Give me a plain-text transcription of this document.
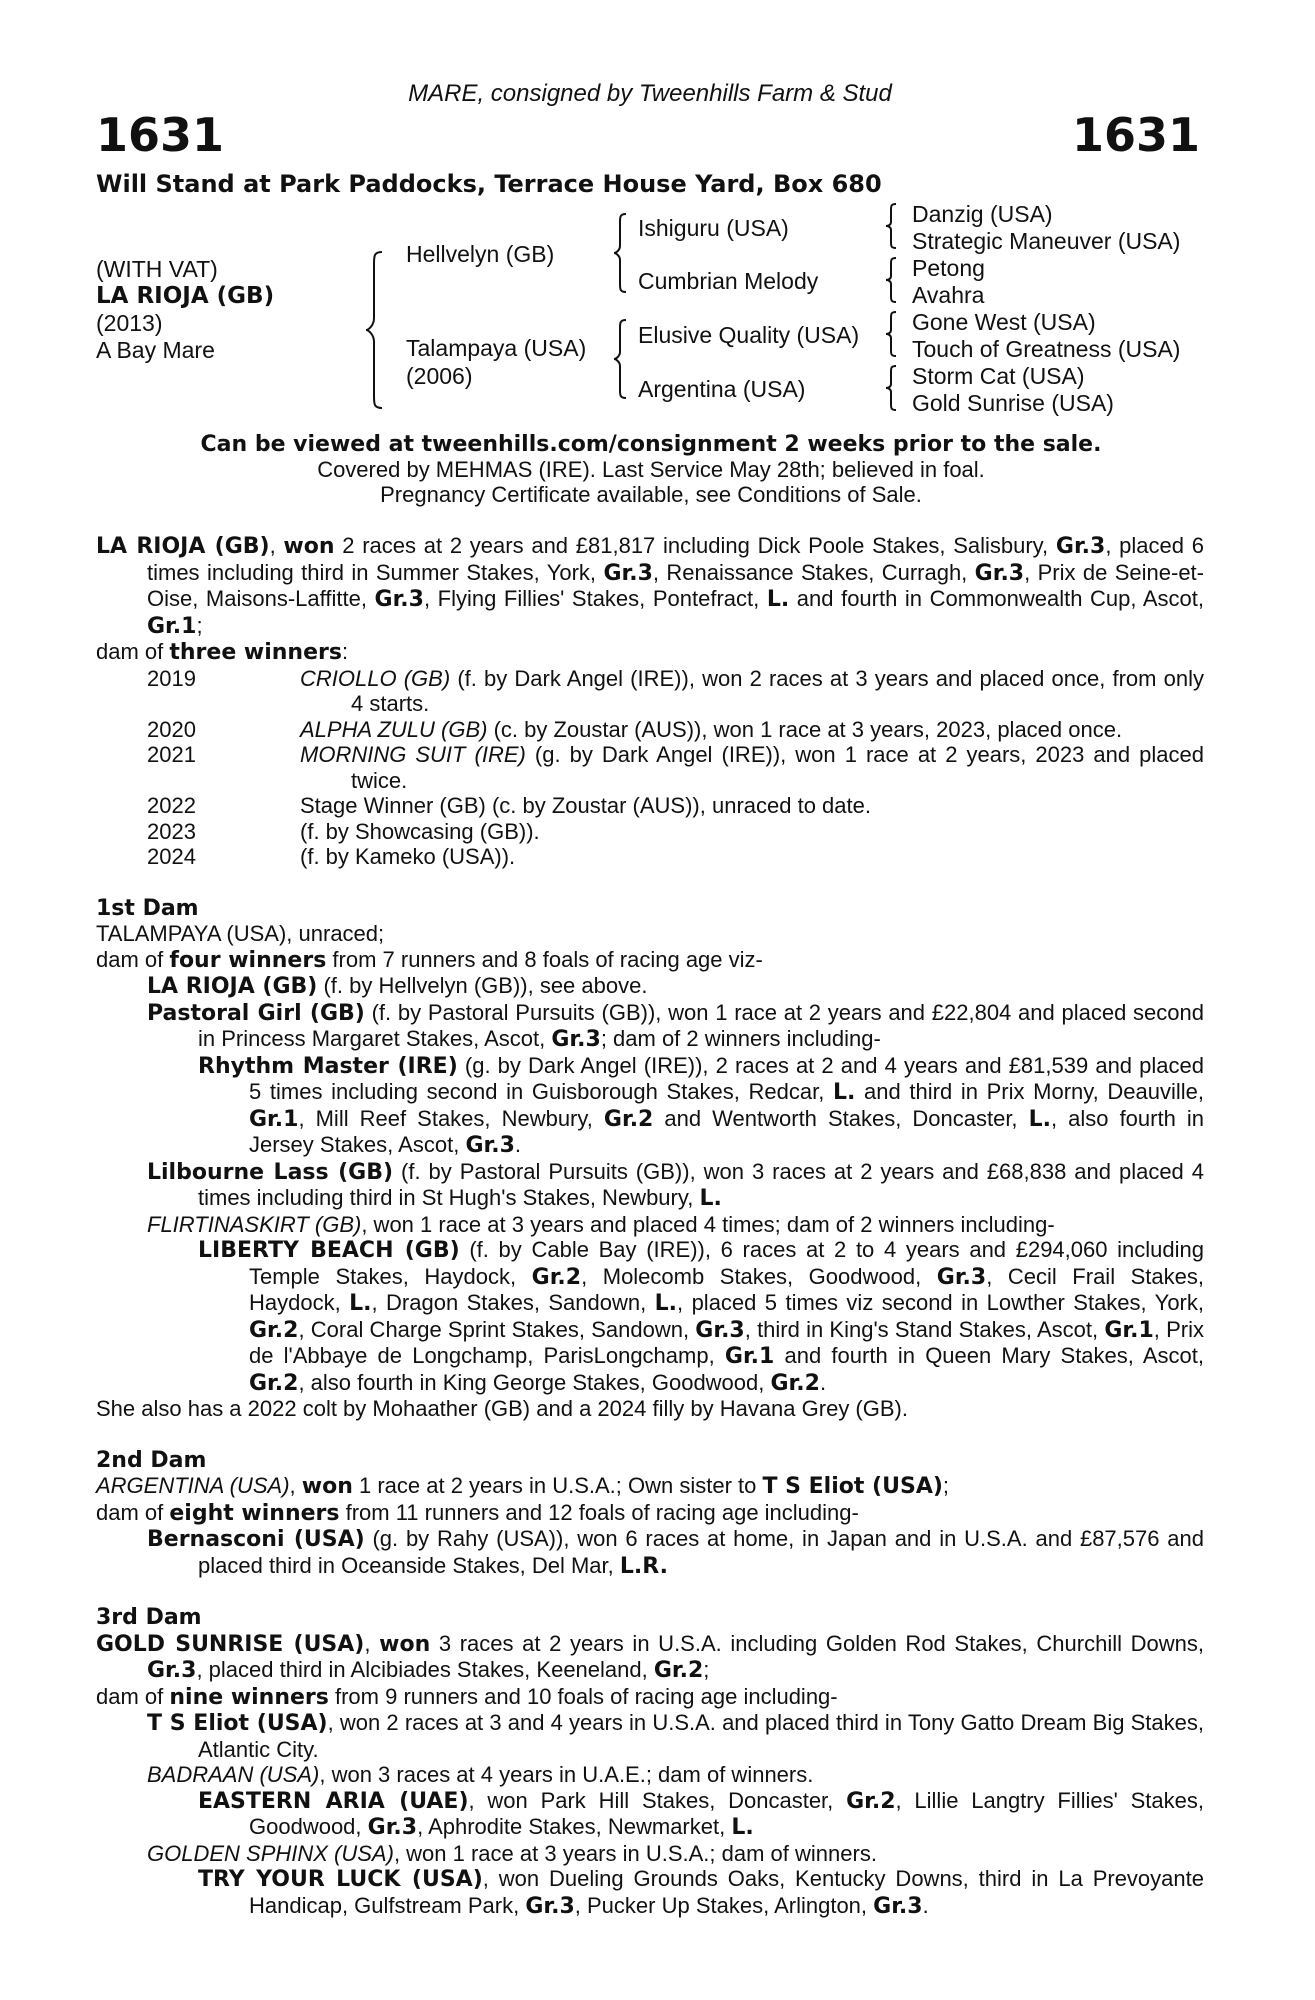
MARE, consigned by Tweenhills Farm & Stud
1631	1631
Will Stand at Park Paddocks, Terrace House Yard, Box 680
(WITH VAT)
LA RIOJA (GB)
(2013)
A Bay Mare
Hellvelyn (GB)
Talampaya (USA)
(2006)
Ishiguru (USA)
Cumbrian Melody
Elusive Quality (USA)
Argentina (USA)
Danzig (USA)
Strategic Maneuver (USA)
Petong
Avahra
Gone West (USA)
Touch of Greatness (USA)
Storm Cat (USA)
Gold Sunrise (USA)
Can be viewed at tweenhills.com/consignment 2 weeks prior to the sale.
Covered by MEHMAS (IRE). Last Service May 28th; believed in foal.
Pregnancy Certificate available, see Conditions of Sale.

LA RIOJA (GB), won 2 races at 2 years and £81,817 including Dick Poole Stakes, Salisbury, Gr.3, placed 6 times including third in Summer Stakes, York, Gr.3, Renaissance Stakes, Curragh, Gr.3, Prix de Seine-et-Oise, Maisons-Laffitte, Gr.3, Flying Fillies' Stakes, Pontefract, L. and fourth in Commonwealth Cup, Ascot, Gr.1;

dam of three winners:

2019	CRIOLLO (GB) (f. by Dark Angel (IRE)), won 2 races at 3 years and placed once, from only 4 starts.
2020	ALPHA ZULU (GB) (c. by Zoustar (AUS)), won 1 race at 3 years, 2023, placed once.
2021	MORNING SUIT (IRE) (g. by Dark Angel (IRE)), won 1 race at 2 years, 2023 and placed twice.
2022	Stage Winner (GB) (c. by Zoustar (AUS)), unraced to date.
2023	(f. by Showcasing (GB)).
2024	(f. by Kameko (USA)).

1st Dam

TALAMPAYA (USA), unraced;

dam of four winners from 7 runners and 8 foals of racing age viz-

LA RIOJA (GB) (f. by Hellvelyn (GB)), see above.

Pastoral Girl (GB) (f. by Pastoral Pursuits (GB)), won 1 race at 2 years and £22,804 and placed second in Princess Margaret Stakes, Ascot, Gr.3; dam of 2 winners including-

Rhythm Master (IRE) (g. by Dark Angel (IRE)), 2 races at 2 and 4 years and £81,539 and placed 5 times including second in Guisborough Stakes, Redcar, L. and third in Prix Morny, Deauville, Gr.1, Mill Reef Stakes, Newbury, Gr.2 and Wentworth Stakes, Doncaster, L., also fourth in Jersey Stakes, Ascot, Gr.3.

Lilbourne Lass (GB) (f. by Pastoral Pursuits (GB)), won 3 races at 2 years and £68,838 and placed 4 times including third in St Hugh's Stakes, Newbury, L.

FLIRTINASKIRT (GB), won 1 race at 3 years and placed 4 times; dam of 2 winners including-

LIBERTY BEACH (GB) (f. by Cable Bay (IRE)), 6 races at 2 to 4 years and £294,060 including Temple Stakes, Haydock, Gr.2, Molecomb Stakes, Goodwood, Gr.3, Cecil Frail Stakes, Haydock, L., Dragon Stakes, Sandown, L., placed 5 times viz second in Lowther Stakes, York, Gr.2, Coral Charge Sprint Stakes, Sandown, Gr.3, third in King's Stand Stakes, Ascot, Gr.1, Prix de l'Abbaye de Longchamp, ParisLongchamp, Gr.1 and fourth in Queen Mary Stakes, Ascot, Gr.2, also fourth in King George Stakes, Goodwood, Gr.2.

She also has a 2022 colt by Mohaather (GB) and a 2024 filly by Havana Grey (GB).

2nd Dam

ARGENTINA (USA), won 1 race at 2 years in U.S.A.; Own sister to T S Eliot (USA);

dam of eight winners from 11 runners and 12 foals of racing age including-

Bernasconi (USA) (g. by Rahy (USA)), won 6 races at home, in Japan and in U.S.A. and £87,576 and placed third in Oceanside Stakes, Del Mar, L.R.

3rd Dam

GOLD SUNRISE (USA), won 3 races at 2 years in U.S.A. including Golden Rod Stakes, Churchill Downs, Gr.3, placed third in Alcibiades Stakes, Keeneland, Gr.2;

dam of nine winners from 9 runners and 10 foals of racing age including-

T S Eliot (USA), won 2 races at 3 and 4 years in U.S.A. and placed third in Tony Gatto Dream Big Stakes, Atlantic City.

BADRAAN (USA), won 3 races at 4 years in U.A.E.; dam of winners.

EASTERN ARIA (UAE), won Park Hill Stakes, Doncaster, Gr.2, Lillie Langtry Fillies' Stakes, Goodwood, Gr.3, Aphrodite Stakes, Newmarket, L.

GOLDEN SPHINX (USA), won 1 race at 3 years in U.S.A.; dam of winners.

TRY YOUR LUCK (USA), won Dueling Grounds Oaks, Kentucky Downs, third in La Prevoyante Handicap, Gulfstream Park, Gr.3, Pucker Up Stakes, Arlington, Gr.3.
